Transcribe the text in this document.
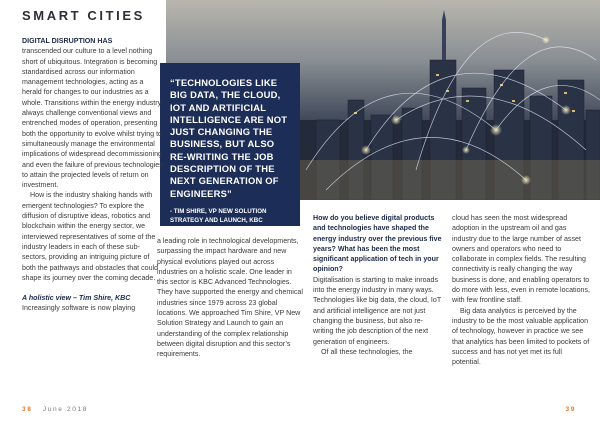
SMART CITIES
“TECHNOLOGIES LIKE BIG DATA, THE CLOUD, IOT AND ARTIFICIAL INTELLIGENCE ARE NOT JUST CHANGING THE BUSINESS, BUT ALSO RE-WRITING THE JOB DESCRIPTION OF THE NEXT GENERATION OF ENGINEERS”
- TIM SHIRE, VP NEW SOLUTION STRATEGY AND LAUNCH, KBC

DIGITAL DISRUPTION HAS
transcended our culture to a level nothing short of ubiquitous. Integration is becoming standardised across our information management technologies, acting as a herald for changes to our industries as a whole. Transitions within the energy industry always challenge conventional views and entrenched modes of operation, presenting both the opportunity to evolve whilst trying to simultaneously manage the environmental implications of widespread decommissioning and even the failure of previous technologies to attain the projected levels of return on investment.

How is the industry shaking hands with emergent technologies? To explore the diffusion of disruptive ideas, robotics and blockchain within the energy sector, we interviewed representatives of some of the industry leaders in each of these sub-sectors, providing an intriguing picture of both the pathways and obstacles that could shape its journey over the coming decade.

A holistic view – Tim Shire, KBC

Increasingly software is now playing

a leading role in technological developments, surpassing the impact hardware and new physical evolutions played out across industries on a holistic scale. One leader in this sector is KBC Advanced Technologies. They have supported the energy and chemical industries since 1979 across 23 global locations. We approached Tim Shire, VP New Solution Strategy and Launch to gain an understanding of the complex relationship between digital disruption and this sector’s requirements.

How do you believe digital products and technologies have shaped the energy industry over the previous five years? What has been the most significant application of tech in your opinion?

Digitalisation is starting to make inroads into the energy industry in many ways. Technologies like big data, the cloud, IoT and artificial intelligence are not just changing the business, but also re-writing the job description of the next generation of engineers.

Of all these technologies, the

cloud has seen the most widespread adoption in the upstream oil and gas industry due to the large number of asset owners and operators who need to collaborate in complex fields. The resulting connectivity is really changing the way business is done, and enabling operators to do more with less, even in remote locations, with few frontline staff.

Big data analytics is perceived by the industry to be the most valuable application of technology, however in practice we see that analytics has been limited to pockets of success and has not yet met its full potential.

38 June 2018	39
